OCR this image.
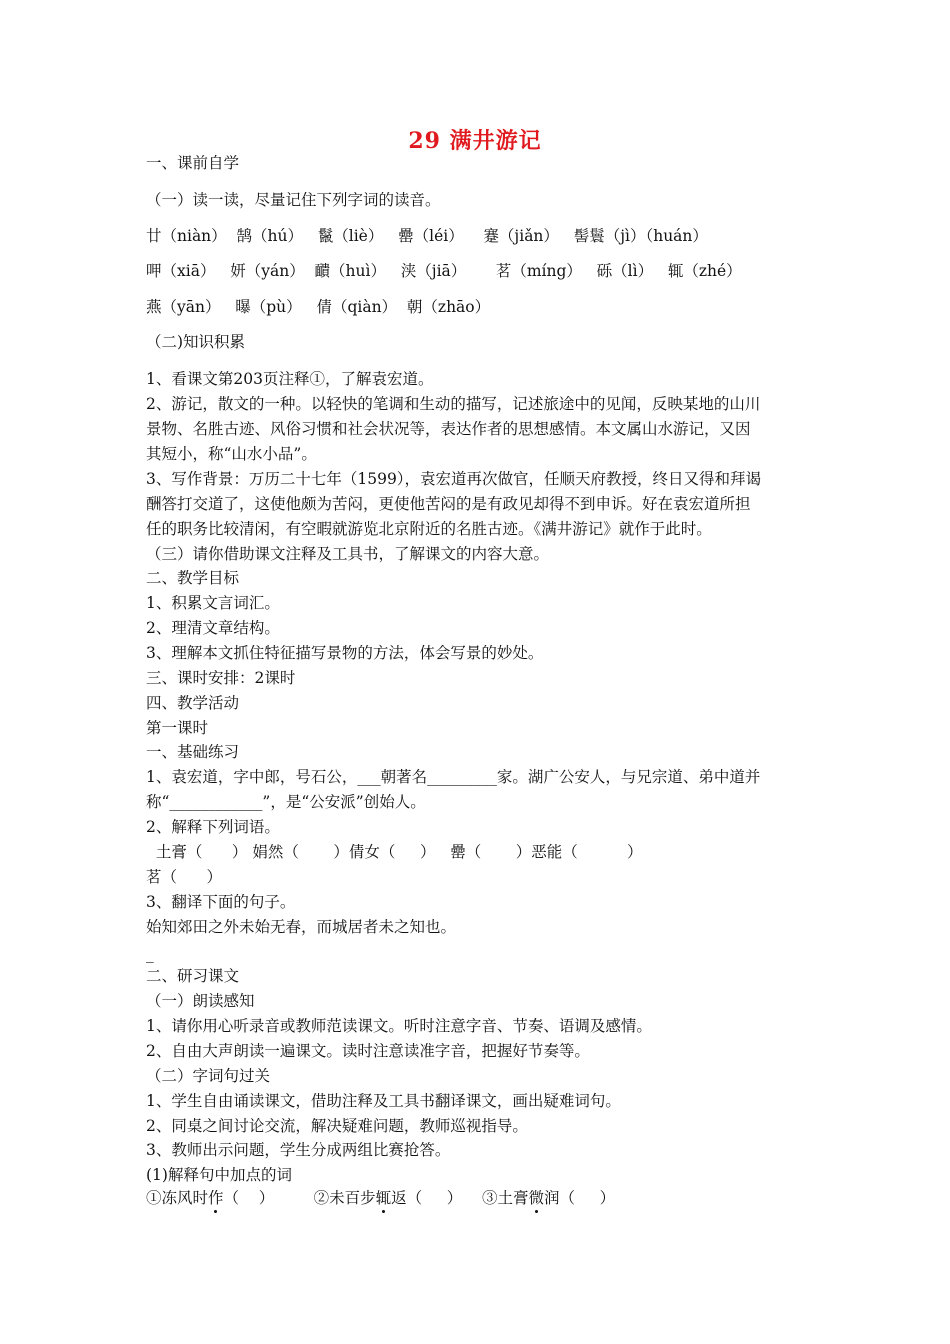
29 满井游记
一、课前自学
（一）读一读，尽量记住下列字词的读音。
廿（niàn）  鹄（hú）   鬣（liè）   罍（léi）    蹇（jiǎn）   髻鬟（jì）（huán）
呷（xiā）   妍（yán）  靧（huì）   浃（jiā）      茗（míng）   砾（lì）   辄（zhé）
燕（yān）   曝（pù）   倩（qiàn）  朝（zhāo）
（二)知识积累
1、看课文第203页注释①，了解袁宏道。
2、游记，散文的一种。以轻快的笔调和生动的描写，记述旅途中的见闻，反映某地的山川
景物、名胜古迹、风俗习惯和社会状况等，表达作者的思想感情。本文属山水游记，又因
其短小，称“山水小品”。
3、写作背景：万历二十七年（1599），袁宏道再次做官，任顺天府教授，终日又得和拜谒
酬答打交道了，这使他颇为苦闷，更使他苦闷的是有政见却得不到申诉。好在袁宏道所担
任的职务比较清闲，有空暇就游览北京附近的名胜古迹。《满井游记》就作于此时。
（三）请你借助课文注释及工具书，了解课文的内容大意。
二、教学目标
1、积累文言词汇。
2、理清文章结构。
3、理解本文抓住特征描写景物的方法，体会写景的妙处。
三、课时安排：2课时
四、教学活动
第一课时
一、基础练习
1、袁宏道，字中郎，号石公，___朝著名_________家。湖广公安人，与兄宗道、弟中道并
称“____________”，是“公安派”创始人。
2、解释下列词语。
土膏（      ） 娟然（       ）倩女（     ）   罍（       ）恶能（          ）
茗（      ）
3、翻译下面的句子。
始知郊田之外未始无春，而城居者未之知也。
_
二、研习课文
（一）朗读感知
1、请你用心听录音或教师范读课文。听时注意字音、节奏、语调及感情。
2、自由大声朗读一遍课文。读时注意读准字音，把握好节奏等。
（二）字词句过关
1、学生自由诵读课文，借助注释及工具书翻译课文，画出疑难词句。
2、同桌之间讨论交流，解决疑难问题，教师巡视指导。
3、教师出示问题，学生分成两组比赛抢答。
(1)解释句中加点的词
①冻风时作（    ）        ②未百步辄返（     ）    ③土膏微润（     ）
